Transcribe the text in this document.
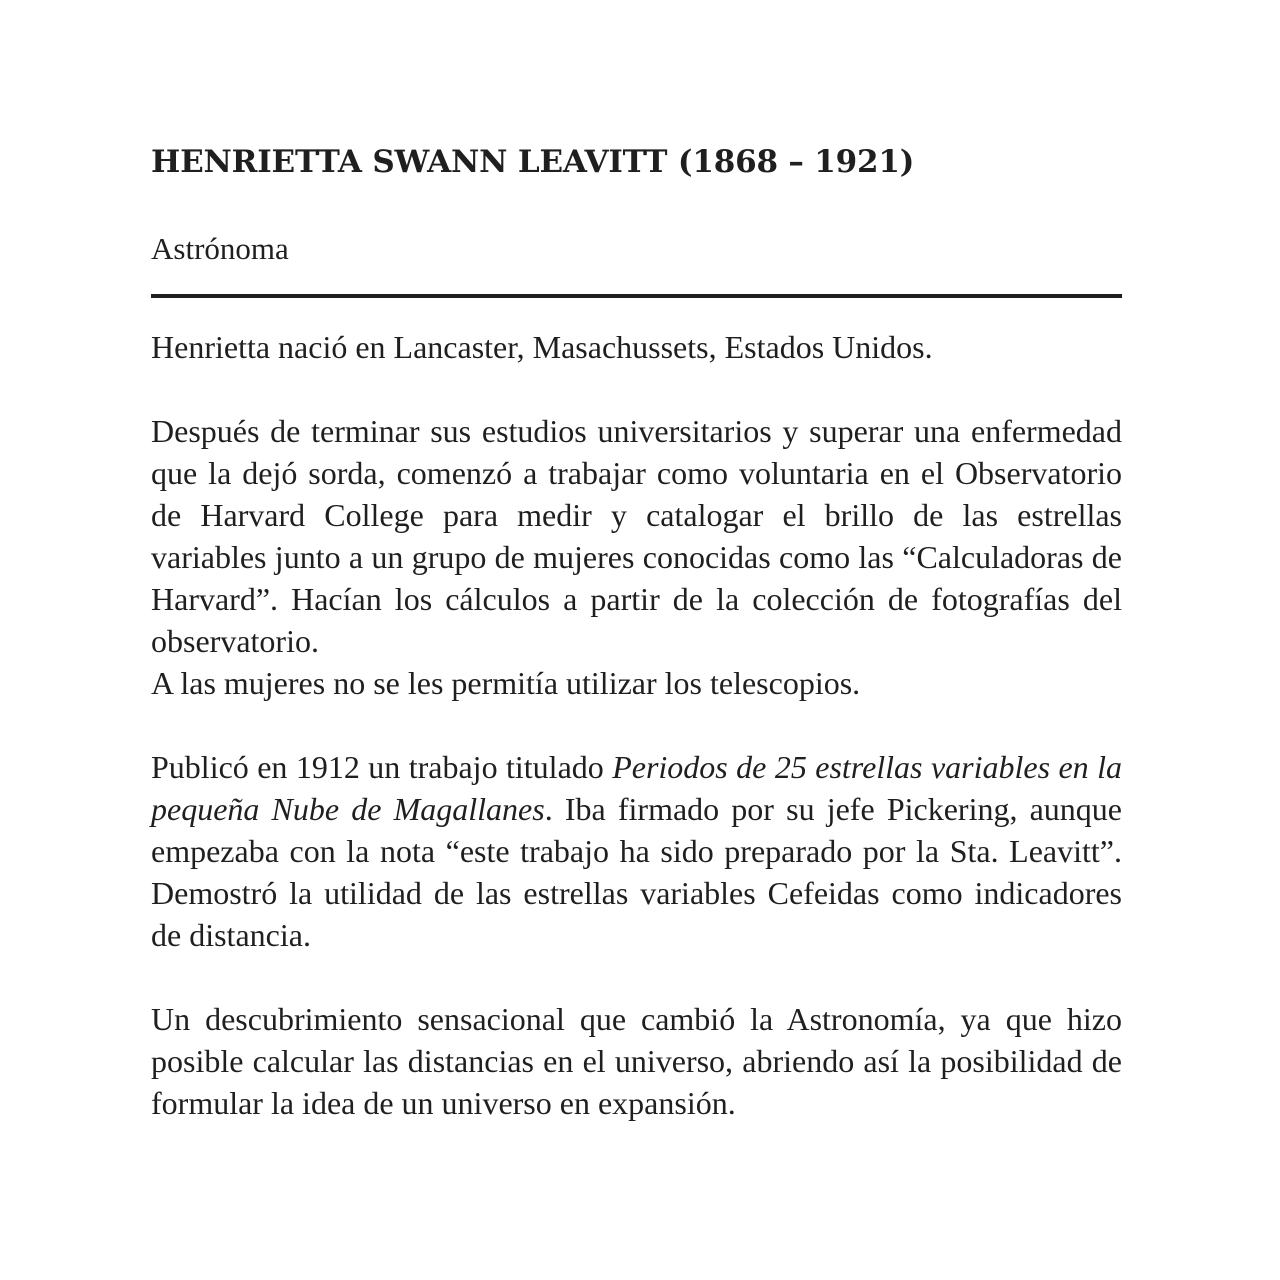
HENRIETTA SWANN LEAVITT (1868 – 1921)
Astrónoma

Henrietta nació en Lancaster, Masachussets, Estados Unidos.

Después de terminar sus estudios universitarios y superar una enfermedad que la dejó sorda, comenzó a trabajar como voluntaria en el Observatorio de Harvard College para medir y catalogar el brillo de las estrellas variables junto a un grupo de mujeres conocidas como las “Calculadoras de Harvard”. Hacían los cálculos a partir de la colección de fotografías del observatorio.

A las mujeres no se les permitía utilizar los telescopios.

Publicó en 1912 un trabajo titulado Periodos de 25 estrellas variables en la pequeña Nube de Magallanes. Iba firmado por su jefe Pickering, aunque empezaba con la nota “este trabajo ha sido preparado por la Sta. Leavitt”. Demostró la utilidad de las estrellas variables Cefeidas como indicadores de distancia.

Un descubrimiento sensacional que cambió la Astronomía, ya que hizo posible calcular las distancias en el universo, abriendo así la posibilidad de formular la idea de un universo en expansión.
